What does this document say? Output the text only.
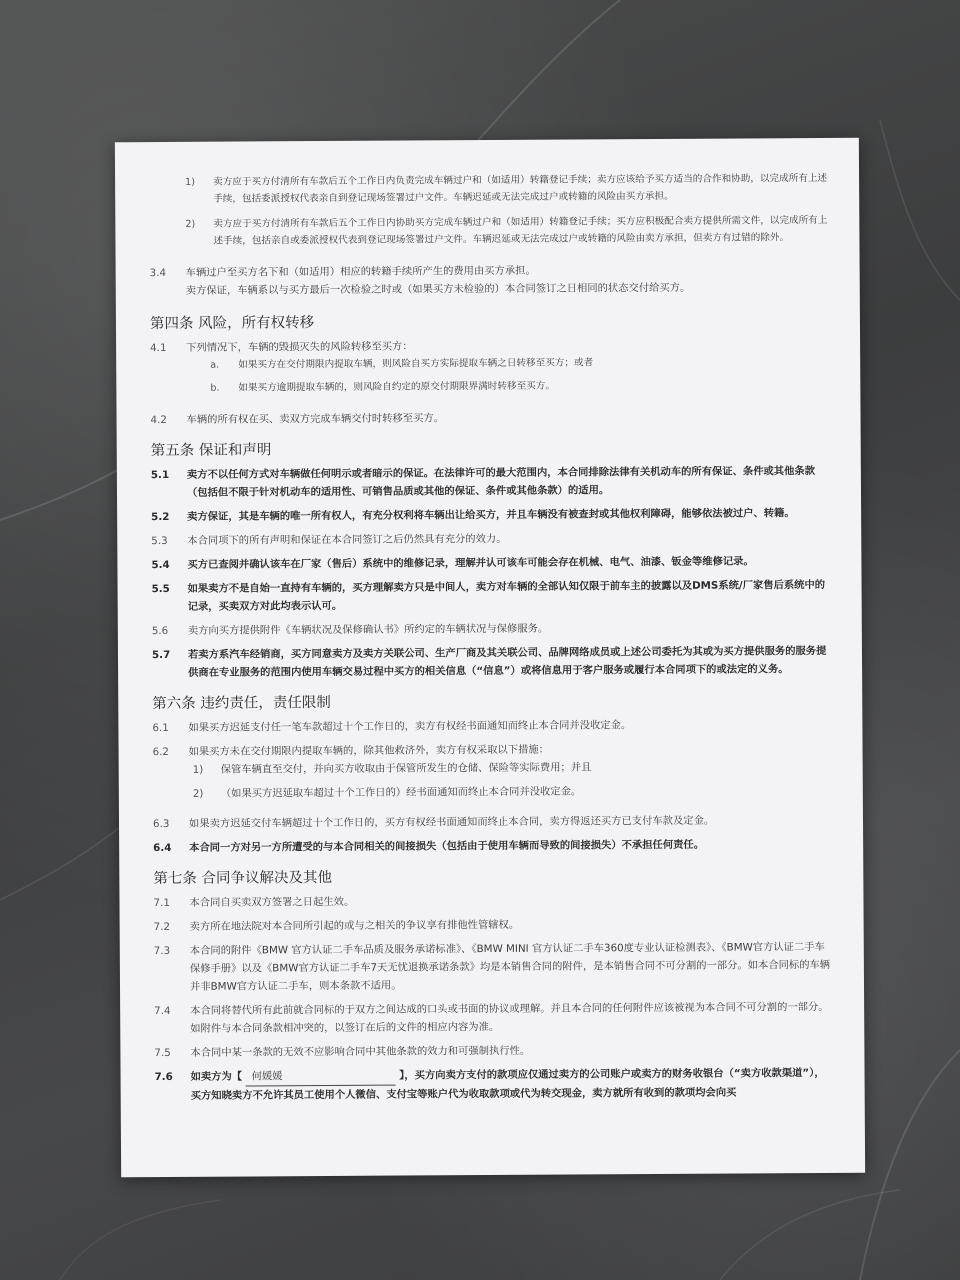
1)	卖方应于买方付清所有车款后五个工作日内负责完成车辆过户和（如适用）转籍登记手续；卖方应该给予买方适当的合作和协助，以完成所有上述手续，包括委派授权代表亲自到登记现场签署过户文件。车辆迟延或无法完成过户或转籍的风险由买方承担。
2)	卖方应于买方付清所有车款后五个工作日内协助买方完成车辆过户和（如适用）转籍登记手续；买方应积极配合卖方提供所需文件，以完成所有上述手续，包括亲自或委派授权代表到登记现场签署过户文件。车辆迟延或无法完成过户或转籍的风险由卖方承担，但卖方有过错的除外。
3.4	车辆过户至买方名下和（如适用）相应的转籍手续所产生的费用由买方承担。
卖方保证，车辆系以与买方最后一次检验之时或（如果买方未检验的）本合同签订之日相同的状态交付给买方。
第四条 风险，所有权转移
4.1	下列情况下，车辆的毁损灭失的风险转移至买方：
a.	如果买方在交付期限内提取车辆，则风险自买方实际提取车辆之日转移至买方；或者
b.	如果买方逾期提取车辆的，则风险自约定的原交付期限界满时转移至买方。
4.2	车辆的所有权在买、卖双方完成车辆交付时转移至买方。
第五条 保证和声明
5.1	卖方不以任何方式对车辆做任何明示或者暗示的保证。在法律许可的最大范围内，本合同排除法律有关机动车的所有保证、条件或其他条款（包括但不限于针对机动车的适用性、可销售品质或其他的保证、条件或其他条款）的适用。
5.2	卖方保证，其是车辆的唯一所有权人，有充分权利将车辆出让给买方，并且车辆没有被查封或其他权利障碍，能够依法被过户、转籍。
5.3	本合同项下的所有声明和保证在本合同签订之后仍然具有充分的效力。
5.4	买方已查阅并确认该车在厂家（售后）系统中的维修记录，理解并认可该车可能会存在机械、电气、油漆、钣金等维修记录。
5.5	如果卖方不是自始一直持有车辆的，买方理解卖方只是中间人，卖方对车辆的全部认知仅限于前车主的披露以及DMS系统/厂家售后系统中的记录，买卖双方对此均表示认可。
5.6	卖方向买方提供附件《车辆状况及保修确认书》所约定的车辆状况与保修服务。
5.7	若卖方系汽车经销商，买方同意卖方及卖方关联公司、生产厂商及其关联公司、品牌网络成员或上述公司委托为其或为买方提供服务的服务提供商在专业服务的范围内使用车辆交易过程中买方的相关信息（“信息”）或将信息用于客户服务或履行本合同项下的或法定的义务。
第六条 违约责任，责任限制
6.1	如果买方迟延支付任一笔车款超过十个工作日的，卖方有权经书面通知而终止本合同并没收定金。
6.2	如果买方未在交付期限内提取车辆的，除其他救济外，卖方有权采取以下措施：
1)	保管车辆直至交付，并向买方收取由于保管所发生的仓储、保险等实际费用；并且
2)	（如果买方迟延取车超过十个工作日的）经书面通知而终止本合同并没收定金。
6.3	如果卖方迟延交付车辆超过十个工作日的，买方有权经书面通知而终止本合同，卖方得返还买方已支付车款及定金。
6.4	本合同一方对另一方所遭受的与本合同相关的间接损失（包括由于使用车辆而导致的间接损失）不承担任何责任。
第七条 合同争议解决及其他
7.1	本合同自买卖双方签署之日起生效。
7.2	卖方所在地法院对本合同所引起的或与之相关的争议享有排他性管辖权。
7.3	本合同的附件《BMW 官方认证二手车品质及服务承诺标准》、《BMW MINI 官方认证二手车360度专业认证检测表》、《BMW官方认证二手车保修手册》以及《BMW官方认证二手车7天无忧退换承诺条款》均是本销售合同的附件，是本销售合同不可分割的一部分。如本合同标的车辆并非BMW官方认证二手车，则本条款不适用。
7.4	本合同将替代所有此前就合同标的于双方之间达成的口头或书面的协议或理解。并且本合同的任何附件应该被视为本合同不可分割的一部分。如附件与本合同条款相冲突的，以签订在后的文件的相应内容为准。
7.5	本合同中某一条款的无效不应影响合同中其他条款的效力和可强制执行性。
7.6	如卖方为【 何媛媛	】，买方向卖方支付的款项应仅通过卖方的公司账户或卖方的财务收银台（“卖方收款渠道”），买方知晓卖方不允许其员工使用个人微信、支付宝等账户代为收取款项或代为转交现金，卖方就所有收到的款项均会向买
